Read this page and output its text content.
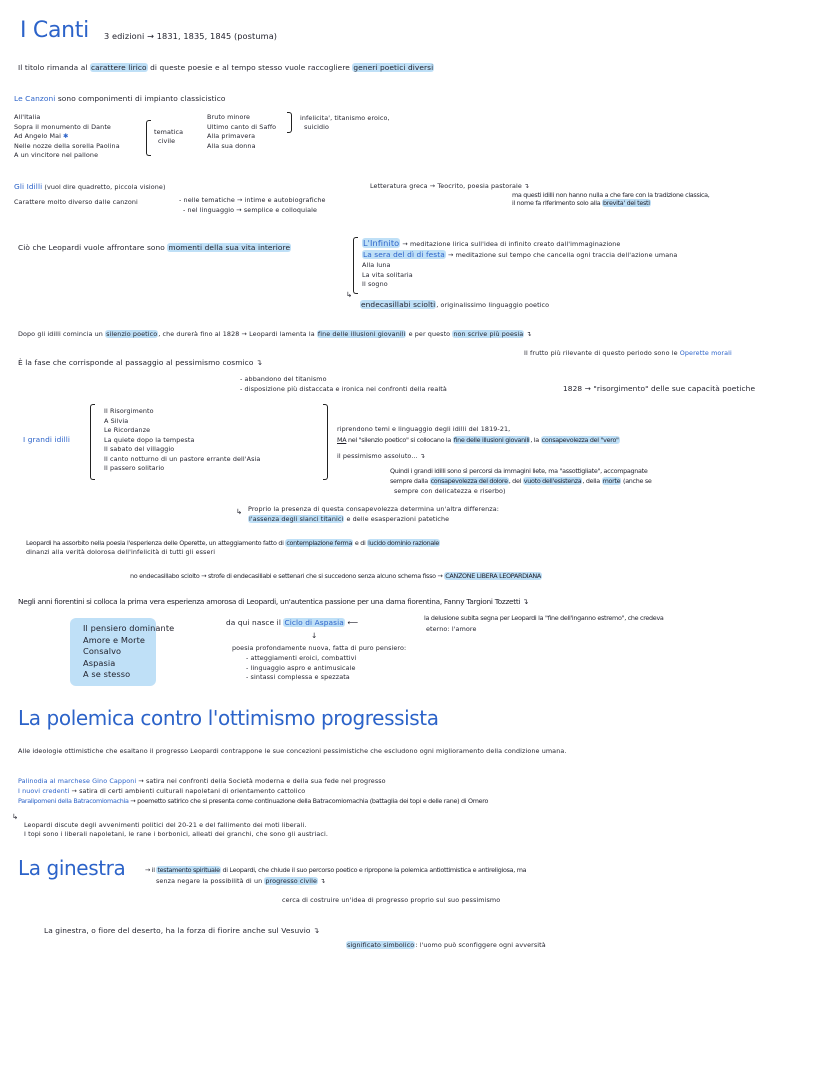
I Canti 3 edizioni → 1831, 1835, 1845 (postuma)
Il titolo rimanda al carattere lirico di queste poesie e al tempo stesso vuole raccogliere generi poetici diversi
Le Canzoni sono componimenti di impianto classicistico
All'Italia
Sopra il monumento di Dante
Ad Angelo Mai ✱
Nelle nozze della sorella Paolina
A un vincitore nel pallone
tematica
civile
Bruto minore
Ultimo canto di Saffo
Alla primavera
Alla sua donna
infelicita', titanismo eroico,
suicidio
Gli Idilli (vuol dire quadretto, piccola visione)
Carattere molto diverso dalle canzoni	- nelle tematiche → intime e autobiografiche
- nel linguaggio → semplice e colloquiale
Letteratura greca → Teocrito, poesia pastorale ↴
ma questi idilli non hanno nulla a che fare con la tradizione classica,
il nome fa riferimento solo alla brevita' dei testi
Ciò che Leopardi vuole affrontare sono momenti della sua vita interiore	L'Infinito → meditazione lirica sull'idea di infinito creato dall'immaginazione
La sera del dì di festa → meditazione sul tempo che cancella ogni traccia dell'azione umana
Alla luna
La vita solitaria
Il sogno
↳
endecasillabi sciolti, originalissimo linguaggio poetico
Dopo gli idilli comincia un silenzio poetico, che durerà fino al 1828 → Leopardi lamenta la fine delle illusioni giovanili e per questo non scrive più poesia ↴
Il frutto più rilevante di questo periodo sono le Operette morali
È la fase che corrisponde al passaggio al pessimismo cosmico ↴
- abbandono del titanismo
- disposizione più distaccata e ironica nei confronti della realtà	1828 → "risorgimento" delle sue capacità poetiche
I grandi idilli
Il Risorgimento
A Silvia
Le Ricordanze
La quiete dopo la tempesta
Il sabato del villaggio
Il canto notturno di un pastore errante dell'Asia
Il passero solitario
riprendono temi e linguaggio degli idilli del 1819-21,
MA nel "silenzio poetico" si collocano la fine delle illusioni giovanili, la consapevolezza del "vero"
il pessimismo assoluto... ↴
Quindi i grandi idilli sono sì percorsi da immagini liete, ma "assottigliate", accompagnate
sempre dalla consapevolezza del dolore, del vuoto dell'esistenza, della morte (anche se
sempre con delicatezza e riserbo)
↳ Proprio la presenza di questa consapevolezza determina un'altra differenza:
l'assenza degli slanci titanici e delle esasperazioni patetiche
Leopardi ha assorbito nella poesia l'esperienza delle Operette, un atteggiamento fatto di contemplazione ferma e di lucido dominio razionale
dinanzi alla verità dolorosa dell'infelicità di tutti gli esseri
no endecasillabo sciolto → strofe di endecasillabi e settenari che si succedono senza alcuno schema fisso → CANZONE LIBERA LEOPARDIANA
Negli anni fiorentini si colloca la prima vera esperienza amorosa di Leopardi, un'autentica passione per una dama fiorentina, Fanny Targioni Tozzetti ↴
Il pensiero dominante
Amore e Morte
Consalvo
Aspasia
A se stesso
da qui nasce il Ciclo di Aspasia ⟵	la delusione subita segna per Leopardi la "fine dell'inganno estremo", che credeva
eterno: l'amore
↓
poesia profondamente nuova, fatta di puro pensiero:
- atteggiamenti eroici, combattivi
- linguaggio aspro e antimusicale
- sintassi complessa e spezzata
La polemica contro l'ottimismo progressista
Alle ideologie ottimistiche che esaltano il progresso Leopardi contrappone le sue concezioni pessimistiche che escludono ogni miglioramento della condizione umana.
Palinodia al marchese Gino Capponi → satira nei confronti della Società moderna e della sua fede nel progresso
I nuovi credenti → satira di certi ambienti culturali napoletani di orientamento cattolico
Paralipomeni della Batracomiomachia → poemetto satirico che si presenta come continuazione della Batracomiomachia (battaglia dei topi e delle rane) di Omero
↳
Leopardi discute degli avvenimenti politici del 20-21 e del fallimento dei moti liberali.
I topi sono i liberali napoletani, le rane i borbonici, alleati dei granchi, che sono gli austriaci.
La ginestra	→ il testamento spirituale di Leopardi, che chiude il suo percorso poetico e ripropone la polemica antiottimistica e antireligiosa, ma
senza negare la possibilità di un progresso civile ↴
cerca di costruire un'idea di progresso proprio sul suo pessimismo
La ginestra, o fiore del deserto, ha la forza di fiorire anche sul Vesuvio ↴
significato simbolico: l'uomo può sconfiggere ogni avversità
